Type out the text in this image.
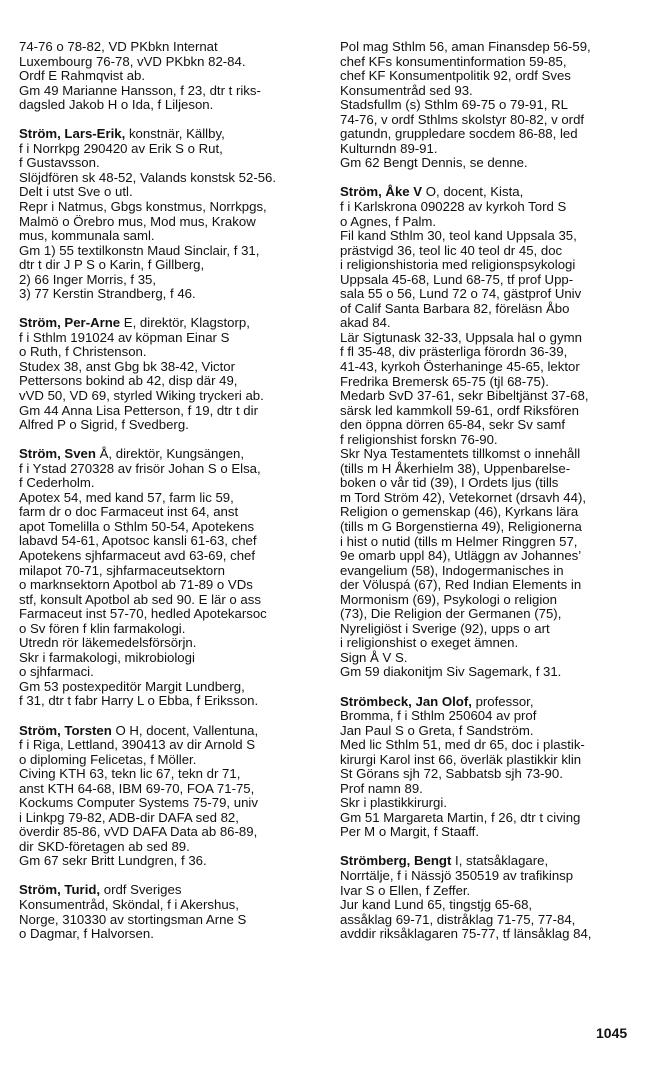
74-76 o 78-82, VD PKbkn Internat
Luxembourg 76-78, vVD PKbkn 82-84.
Ordf E Rahmqvist ab.
Gm 49 Marianne Hansson, f 23, dtr t riks-
dagsled Jakob H o Ida, f Liljeson.
Ström, Lars-Erik, konstnär, Källby,
f i Norrkpg 290420 av Erik S o Rut,
f Gustavsson.
Slöjdfören sk 48-52, Valands konstsk 52-56.
Delt i utst Sve o utl.
Repr i Natmus, Gbgs konstmus, Norrkpgs,
Malmö o Örebro mus, Mod mus, Krakow
mus, kommunala saml.
Gm 1) 55 textilkonstn Maud Sinclair, f 31,
dtr t dir J P S o Karin, f Gillberg,
2) 66 Inger Morris, f 35,
3) 77 Kerstin Strandberg, f 46.
Ström, Per-Arne E, direktör, Klagstorp,
f i Sthlm 191024 av köpman Einar S
o Ruth, f Christenson.
Studex 38, anst Gbg bk 38-42, Victor
Pettersons bokind ab 42, disp där 49,
vVD 50, VD 69, styrled Wiking tryckeri ab.
Gm 44 Anna Lisa Petterson, f 19, dtr t dir
Alfred P o Sigrid, f Svedberg.
Ström, Sven Å, direktör, Kungsängen,
f i Ystad 270328 av frisör Johan S o Elsa,
f Cederholm.
Apotex 54, med kand 57, farm lic 59,
farm dr o doc Farmaceut inst 64, anst
apot Tomelilla o Sthlm 50-54, Apotekens
labavd 54-61, Apotsoc kansli 61-63, chef
Apotekens sjhfarmaceut avd 63-69, chef
milapot 70-71, sjhfarmaceutsektorn
o marknsektorn Apotbol ab 71-89 o VDs
stf, konsult Apotbol ab sed 90. E lär o ass
Farmaceut inst 57-70, hedled Apotekarsoc
o Sv fören f klin farmakologi.
Utredn rör läkemedelsförsörjn.
Skr i farmakologi, mikrobiologi
o sjhfarmaci.
Gm 53 postexpeditör Margit Lundberg,
f 31, dtr t fabr Harry L o Ebba, f Eriksson.
Ström, Torsten O H, docent, Vallentuna,
f i Riga, Lettland, 390413 av dir Arnold S
o diploming Felicetas, f Möller.
Civing KTH 63, tekn lic 67, tekn dr 71,
anst KTH 64-68, IBM 69-70, FOA 71-75,
Kockums Computer Systems 75-79, univ
i Linkpg 79-82, ADB-dir DAFA sed 82,
överdir 85-86, vVD DAFA Data ab 86-89,
dir SKD-företagen ab sed 89.
Gm 67 sekr Britt Lundgren, f 36.
Ström, Turid, ordf Sveriges
Konsumentråd, Sköndal, f i Akershus,
Norge, 310330 av stortingsman Arne S
o Dagmar, f Halvorsen.
Pol mag Sthlm 56, aman Finansdep 56-59,
chef KFs konsumentinformation 59-85,
chef KF Konsumentpolitik 92, ordf Sves
Konsumentråd sed 93.
Stadsfullm (s) Sthlm 69-75 o 79-91, RL
74-76, v ordf Sthlms skolstyr 80-82, v ordf
gatundn, gruppledare socdem 86-88, led
Kulturndn 89-91.
Gm 62 Bengt Dennis, se denne.
Ström, Åke V O, docent, Kista,
f i Karlskrona 090228 av kyrkoh Tord S
o Agnes, f Palm.
Fil kand Sthlm 30, teol kand Uppsala 35,
prästvigd 36, teol lic 40 teol dr 45, doc
i religionshistoria med religionspsykologi
Uppsala 45-68, Lund 68-75, tf prof Upp-
sala 55 o 56, Lund 72 o 74, gästprof Univ
of Calif Santa Barbara 82, föreläsn Åbo
akad 84.
Lär Sigtunask 32-33, Uppsala hal o gymn
f fl 35-48, div prästerliga förordn 36-39,
41-43, kyrkoh Österhaninge 45-65, lektor
Fredrika Bremersk 65-75 (tjl 68-75).
Medarb SvD 37-61, sekr Bibeltjänst 37-68,
särsk led kammkoll 59-61, ordf Riksfören
den öppna dörren 65-84, sekr Sv samf
f religionshist forskn 76-90.
Skr Nya Testamentets tillkomst o innehåll
(tills m H Åkerhielm 38), Uppenbarelse-
boken o vår tid (39), I Ordets ljus (tills
m Tord Ström 42), Vetekornet (drsavh 44),
Religion o gemenskap (46), Kyrkans lära
(tills m G Borgenstierna 49), Religionerna
i hist o nutid (tills m Helmer Ringgren 57,
9e omarb uppl 84), Utläggn av Johannes’
evangelium (58), Indogermanisches in
der Völuspá (67), Red Indian Elements in
Mormonism (69), Psykologi o religion
(73), Die Religion der Germanen (75),
Nyreligiöst i Sverige (92), upps o art
i religionshist o exeget ämnen.
Sign Å V S.
Gm 59 diakonitjm Siv Sagemark, f 31.
Strömbeck, Jan Olof, professor,
Bromma, f i Sthlm 250604 av prof
Jan Paul S o Greta, f Sandström.
Med lic Sthlm 51, med dr 65, doc i plastik-
kirurgi Karol inst 66, överläk plastikkir klin
St Görans sjh 72, Sabbatsb sjh 73-90.
Prof namn 89.
Skr i plastikkirurgi.
Gm 51 Margareta Martin, f 26, dtr t civing
Per M o Margit, f Staaff.
Strömberg, Bengt I, statsåklagare,
Norrtälje, f i Nässjö 350519 av trafikinsp
Ivar S o Ellen, f Zeffer.
Jur kand Lund 65, tingstjg 65-68,
assåklag 69-71, distråklag 71-75, 77-84,
avddir riksåklagaren 75-77, tf länsåklag 84,
1045
